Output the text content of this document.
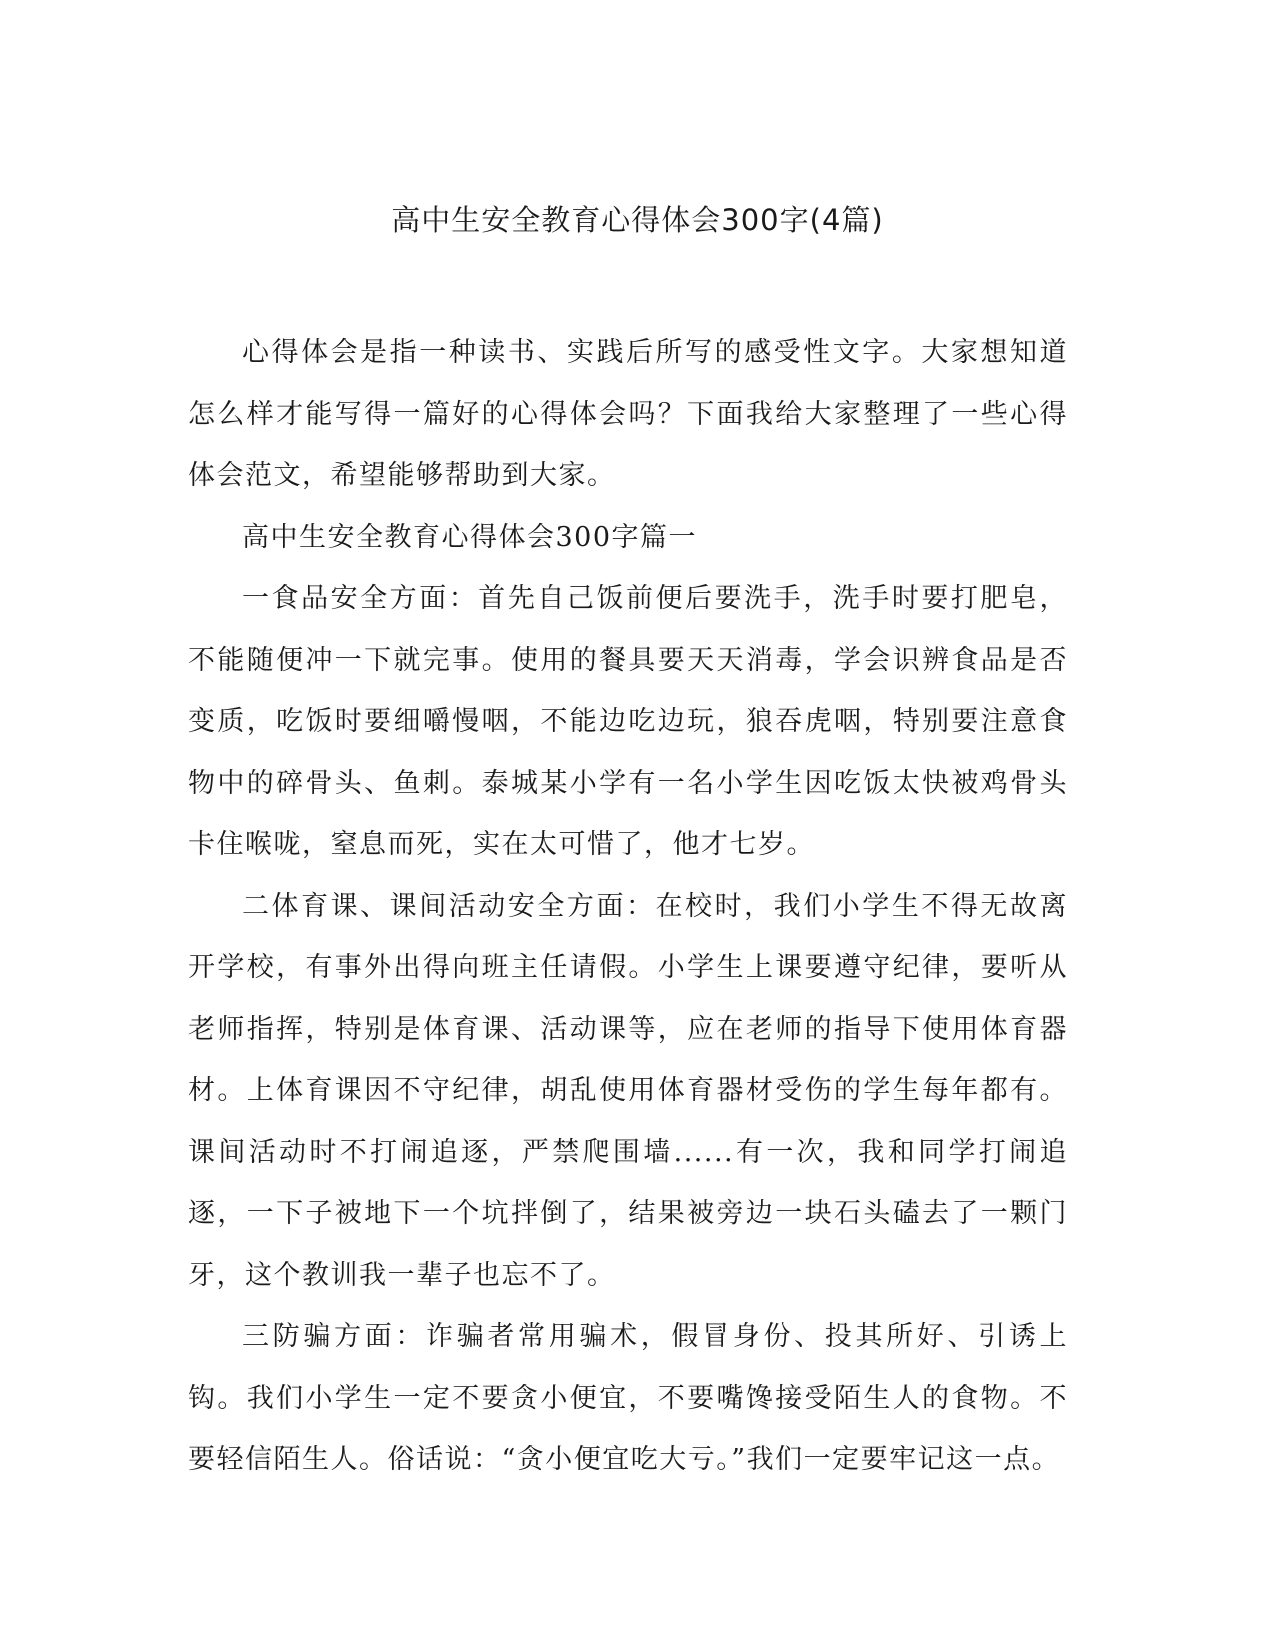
高中生安全教育心得体会300字(4篇)

心得体会是指一种读书、实践后所写的感受性文字。大家想知道怎么样才能写得一篇好的心得体会吗？下面我给大家整理了一些心得体会范文，希望能够帮助到大家。

高中生安全教育心得体会300字篇一

一食品安全方面：首先自己饭前便后要洗手，洗手时要打肥皂，不能随便冲一下就完事。使用的餐具要天天消毒，学会识辨食品是否变质，吃饭时要细嚼慢咽，不能边吃边玩，狼吞虎咽，特别要注意食物中的碎骨头、鱼刺。泰城某小学有一名小学生因吃饭太快被鸡骨头卡住喉咙，窒息而死，实在太可惜了，他才七岁。

二体育课、课间活动安全方面：在校时，我们小学生不得无故离开学校，有事外出得向班主任请假。小学生上课要遵守纪律，要听从老师指挥，特别是体育课、活动课等，应在老师的指导下使用体育器材。上体育课因不守纪律，胡乱使用体育器材受伤的学生每年都有。课间活动时不打闹追逐，严禁爬围墙......有一次，我和同学打闹追逐，一下子被地下一个坑拌倒了，结果被旁边一块石头磕去了一颗门牙，这个教训我一辈子也忘不了。

三防骗方面：诈骗者常用骗术，假冒身份、投其所好、引诱上钩。我们小学生一定不要贪小便宜，不要嘴馋接受陌生人的食物。不要轻信陌生人。俗话说：“贪小便宜吃大亏。”我们一定要牢记这一点。
